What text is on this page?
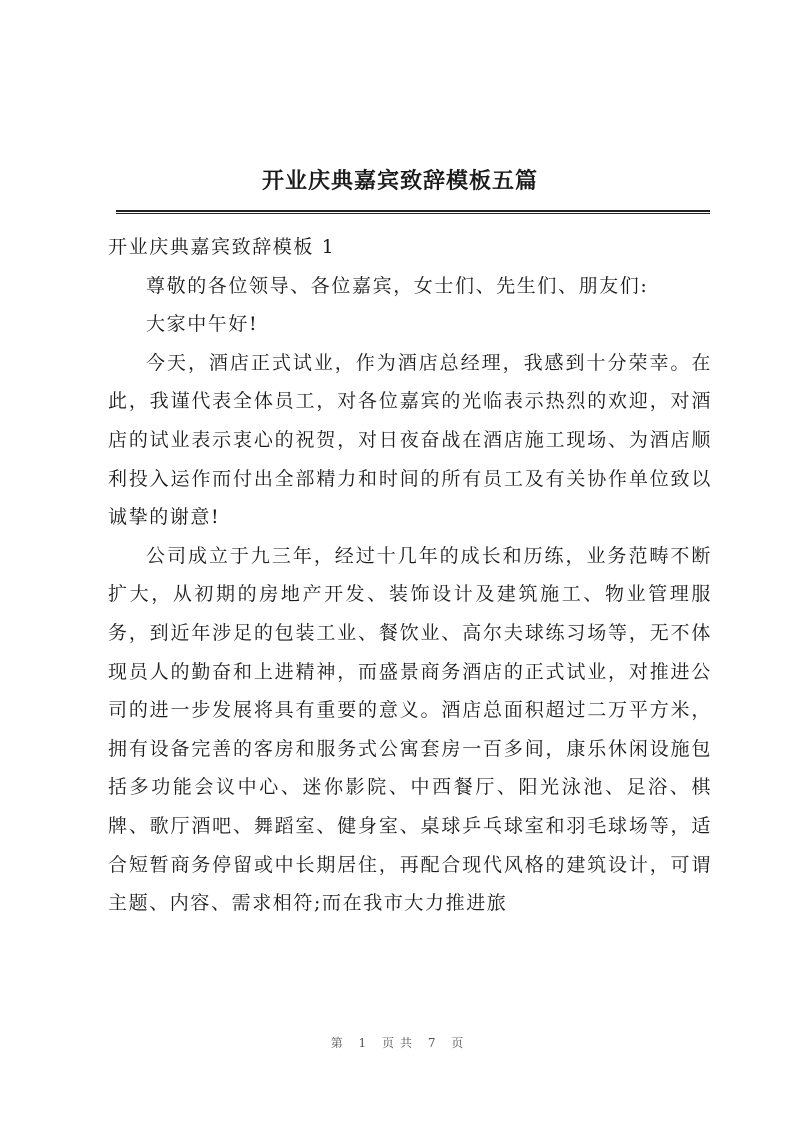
开业庆典嘉宾致辞模板五篇

开业庆典嘉宾致辞模板 1

尊敬的各位领导、各位嘉宾，女士们、先生们、朋友们:

大家中午好!

今天，酒店正式试业，作为酒店总经理，我感到十分荣幸。在此，我谨代表全体员工，对各位嘉宾的光临表示热烈的欢迎，对酒店的试业表示衷心的祝贺，对日夜奋战在酒店施工现场、为酒店顺利投入运作而付出全部精力和时间的所有员工及有关协作单位致以诚挚的谢意!

公司成立于九三年，经过十几年的成长和历练，业务范畴不断扩大，从初期的房地产开发、装饰设计及建筑施工、物业管理服务，到近年涉足的包装工业、餐饮业、高尔夫球练习场等，无不体现员人的勤奋和上进精神，而盛景商务酒店的正式试业，对推进公司的进一步发展将具有重要的意义。酒店总面积超过二万平方米，拥有设备完善的客房和服务式公寓套房一百多间，康乐休闲设施包括多功能会议中心、迷你影院、中西餐厅、阳光泳池、足浴、棋牌、歌厅酒吧、舞蹈室、健身室、桌球乒乓球室和羽毛球场等，适合短暂商务停留或中长期居住，再配合现代风格的建筑设计，可谓主题、内容、需求相符;而在我市大力推进旅

第 1 页共 7 页
